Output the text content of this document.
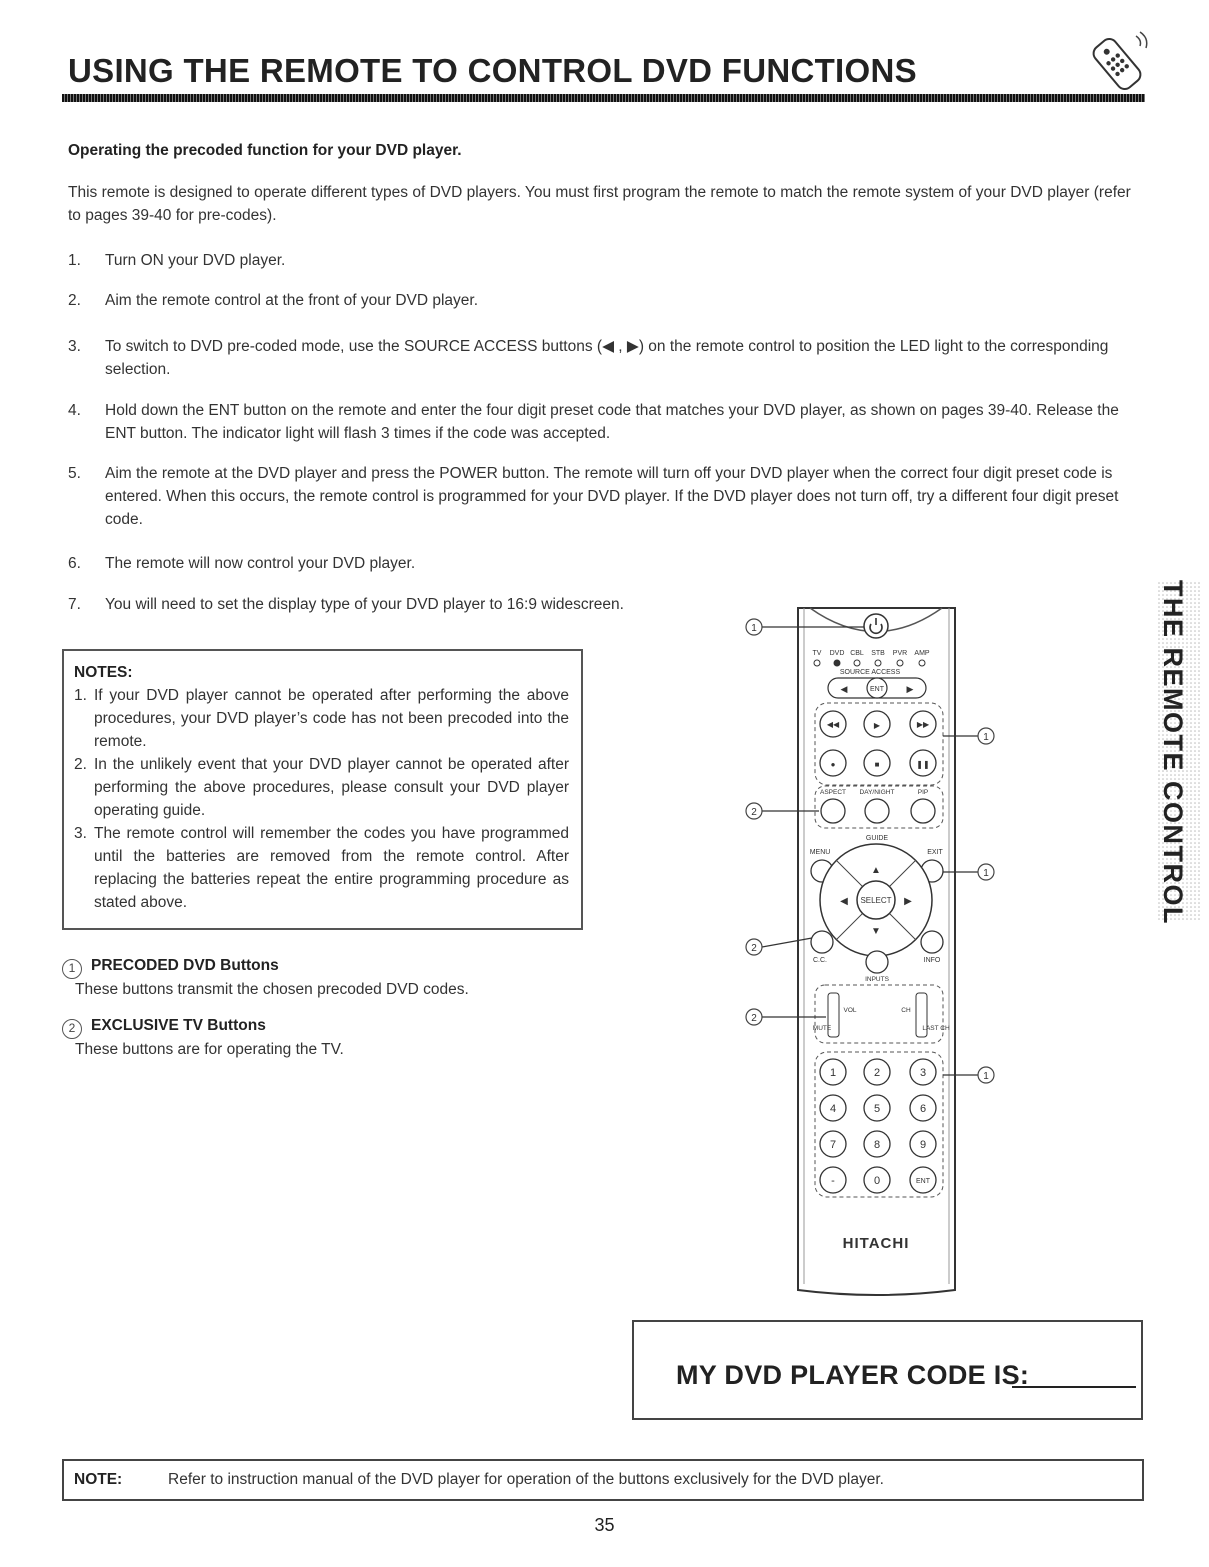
USING THE REMOTE TO CONTROL DVD FUNCTIONS
Operating the precoded function for your DVD player.
This remote is designed to operate different types of DVD players. You must first program the remote to match the remote system of your DVD player (refer to pages 39-40 for pre-codes).
1.	Turn ON your DVD player.
2.	Aim the remote control at the front of your DVD player.
3.	To switch to DVD pre-coded mode, use the SOURCE ACCESS buttons (◀ , ▶) on the remote control to position the LED light to the corresponding selection.
4.	Hold down the ENT button on the remote and enter the four digit preset code that matches your DVD player, as shown on pages 39-40. Release the ENT button. The indicator light will flash 3 times if the code was accepted.
5.	Aim the remote at the DVD player and press the POWER button. The remote will turn off your DVD player when the correct four digit preset code is entered. When this occurs, the remote control is programmed for your DVD player. If the DVD player does not turn off, try a different four digit preset code.
6.	The remote will now control your DVD player.
7.	You will need to set the display type of your DVD player to 16:9 widescreen.
NOTES:
1. If your DVD player cannot be operated after performing the above procedures, your DVD player’s code has not been precoded into the remote.
2. In the unlikely event that your DVD player cannot be operated after performing the above procedures, please consult your DVD player operating guide.
3. The remote control will remember the codes you have programmed until the batteries are removed from the remote control. After replacing the batteries repeat the entire programming procedure as stated above.
1 PRECODED DVD Buttons
These buttons transmit the chosen precoded DVD codes.
2 EXCLUSIVE TV Buttons
These buttons are for operating the TV.
TV DVD CBL STB PVR AMP
SOURCE ACCESS
◀	▶
ENT
◀◀	▶	▶▶
●	■	❚❚
ASPECT DAY/NIGHT	PIP
GUIDE
MENU	EXIT
SELECT
▲
▼
◀	▶
C.C.	INFO
INPUTS
VOL	CH
MUTE	LAST CH
1	2	3
4	5	6
7	8	9
-	0	ENT
HITACHI
1
1
2
1
2
2
1
THE REMOTE CONTROL
MY DVD PLAYER CODE IS:
NOTE:	Refer to instruction manual of the DVD player for operation of the buttons exclusively for the DVD player.
35
